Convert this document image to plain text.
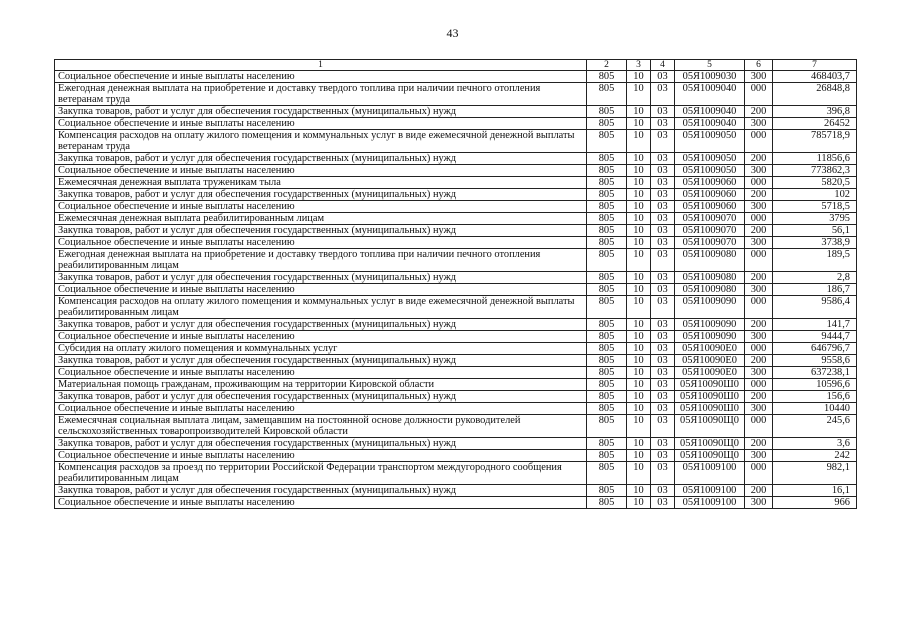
43
1	2	3	4	5	6	7
Социальное обеспечение и иные выплаты населению	805	10	03	05Я1009030	300	468403,7
Ежегодная денежная выплата на приобретение и доставку твердого топлива при наличии печного отопления ветеранам труда	805	10	03	05Я1009040	000	26848,8
Закупка товаров, работ и услуг для обеспечения государственных (муниципальных) нужд	805	10	03	05Я1009040	200	396,8
Социальное обеспечение и иные выплаты населению	805	10	03	05Я1009040	300	26452
Компенсация расходов на оплату жилого помещения и коммунальных услуг в виде ежемесячной денежной выплаты ветеранам труда	805	10	03	05Я1009050	000	785718,9
Закупка товаров, работ и услуг для обеспечения государственных (муниципальных) нужд	805	10	03	05Я1009050	200	11856,6
Социальное обеспечение и иные выплаты населению	805	10	03	05Я1009050	300	773862,3
Ежемесячная денежная выплата труженикам тыла	805	10	03	05Я1009060	000	5820,5
Закупка товаров, работ и услуг для обеспечения государственных (муниципальных) нужд	805	10	03	05Я1009060	200	102
Социальное обеспечение и иные выплаты населению	805	10	03	05Я1009060	300	5718,5
Ежемесячная денежная выплата реабилитированным лицам	805	10	03	05Я1009070	000	3795
Закупка товаров, работ и услуг для обеспечения государственных (муниципальных) нужд	805	10	03	05Я1009070	200	56,1
Социальное обеспечение и иные выплаты населению	805	10	03	05Я1009070	300	3738,9
Ежегодная денежная выплата на приобретение и доставку твердого топлива при наличии печного отопления реабилитированным лицам	805	10	03	05Я1009080	000	189,5
Закупка товаров, работ и услуг для обеспечения государственных (муниципальных) нужд	805	10	03	05Я1009080	200	2,8
Социальное обеспечение и иные выплаты населению	805	10	03	05Я1009080	300	186,7
Компенсация расходов на оплату жилого помещения и коммунальных услуг в виде ежемесячной денежной выплаты реабилитированным лицам	805	10	03	05Я1009090	000	9586,4
Закупка товаров, работ и услуг для обеспечения государственных (муниципальных) нужд	805	10	03	05Я1009090	200	141,7
Социальное обеспечение и иные выплаты населению	805	10	03	05Я1009090	300	9444,7
Субсидия на оплату жилого помещения и коммунальных услуг	805	10	03	05Я10090Е0	000	646796,7
Закупка товаров, работ и услуг для обеспечения государственных (муниципальных) нужд	805	10	03	05Я10090Е0	200	9558,6
Социальное обеспечение и иные выплаты населению	805	10	03	05Я10090Е0	300	637238,1
Материальная помощь гражданам, проживающим на территории Кировской области	805	10	03	05Я10090Ш0	000	10596,6
Закупка товаров, работ и услуг для обеспечения государственных (муниципальных) нужд	805	10	03	05Я10090Ш0	200	156,6
Социальное обеспечение и иные выплаты населению	805	10	03	05Я10090Ш0	300	10440
Ежемесячная социальная выплата лицам, замещавшим на постоянной основе должности руководителей сельскохозяйственных товаропроизводителей Кировской области	805	10	03	05Я10090Щ0	000	245,6
Закупка товаров, работ и услуг для обеспечения государственных (муниципальных) нужд	805	10	03	05Я10090Щ0	200	3,6
Социальное обеспечение и иные выплаты населению	805	10	03	05Я10090Щ0	300	242
Компенсация расходов за проезд по территории Российской Федерации транспортом междугородного сообщения реабилитированным лицам	805	10	03	05Я1009100	000	982,1
Закупка товаров, работ и услуг для обеспечения государственных (муниципальных) нужд	805	10	03	05Я1009100	200	16,1
Социальное обеспечение и иные выплаты населению	805	10	03	05Я1009100	300	966
